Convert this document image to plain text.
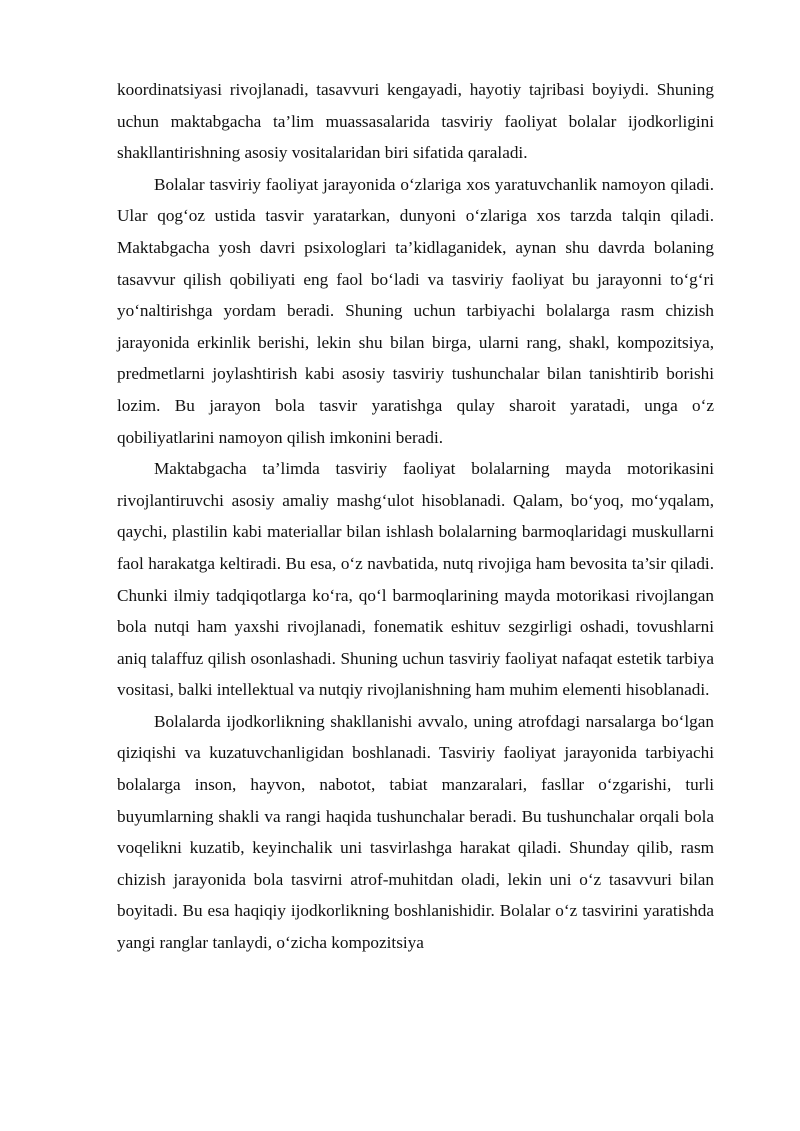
koordinatsiyasi rivojlanadi, tasavvuri kengayadi, hayotiy tajribasi boyiydi. Shuning uchun maktabgacha ta’lim muassasalarida tasviriy faoliyat bolalar ijodkorligini shakllantirishning asosiy vositalaridan biri sifatida qaraladi.

Bolalar tasviriy faoliyat jarayonida o‘zlariga xos yaratuvchanlik namoyon qiladi. Ular qog‘oz ustida tasvir yaratarkan, dunyoni o‘zlariga xos tarzda talqin qiladi. Maktabgacha yosh davri psixologlari ta’kidlaganidek, aynan shu davrda bolaning tasavvur qilish qobiliyati eng faol bo‘ladi va tasviriy faoliyat bu jarayonni to‘g‘ri yo‘naltirishga yordam beradi. Shuning uchun tarbiyachi bolalarga rasm chizish jarayonida erkinlik berishi, lekin shu bilan birga, ularni rang, shakl, kompozitsiya, predmetlarni joylashtirish kabi asosiy tasviriy tushunchalar bilan tanishtirib borishi lozim. Bu jarayon bola tasvir yaratishga qulay sharoit yaratadi, unga o‘z qobiliyatlarini namoyon qilish imkonini beradi.

Maktabgacha ta’limda tasviriy faoliyat bolalarning mayda motorikasini rivojlantiruvchi asosiy amaliy mashg‘ulot hisoblanadi. Qalam, bo‘yoq, mo‘yqalam, qaychi, plastilin kabi materiallar bilan ishlash bolalarning barmoqlaridagi muskullarni faol harakatga keltiradi. Bu esa, o‘z navbatida, nutq rivojiga ham bevosita ta’sir qiladi. Chunki ilmiy tadqiqotlarga ko‘ra, qo‘l barmoqlarining mayda motorikasi rivojlangan bola nutqi ham yaxshi rivojlanadi, fonematik eshituv sezgirligi oshadi, tovushlarni aniq talaffuz qilish osonlashadi. Shuning uchun tasviriy faoliyat nafaqat estetik tarbiya vositasi, balki intellektual va nutqiy rivojlanishning ham muhim elementi hisoblanadi.

Bolalarda ijodkorlikning shakllanishi avvalo, uning atrofdagi narsalarga bo‘lgan qiziqishi va kuzatuvchanligidan boshlanadi. Tasviriy faoliyat jarayonida tarbiyachi bolalarga inson, hayvon, nabotot, tabiat manzaralari, fasllar o‘zgarishi, turli buyumlarning shakli va rangi haqida tushunchalar beradi. Bu tushunchalar orqali bola voqelikni kuzatib, keyinchalik uni tasvirlashga harakat qiladi. Shunday qilib, rasm chizish jarayonida bola tasvirni atrof-muhitdan oladi, lekin uni o‘z tasavvuri bilan boyitadi. Bu esa haqiqiy ijodkorlikning boshlanishidir. Bolalar o‘z tasvirini yaratishda yangi ranglar tanlaydi, o‘zicha kompozitsiya
